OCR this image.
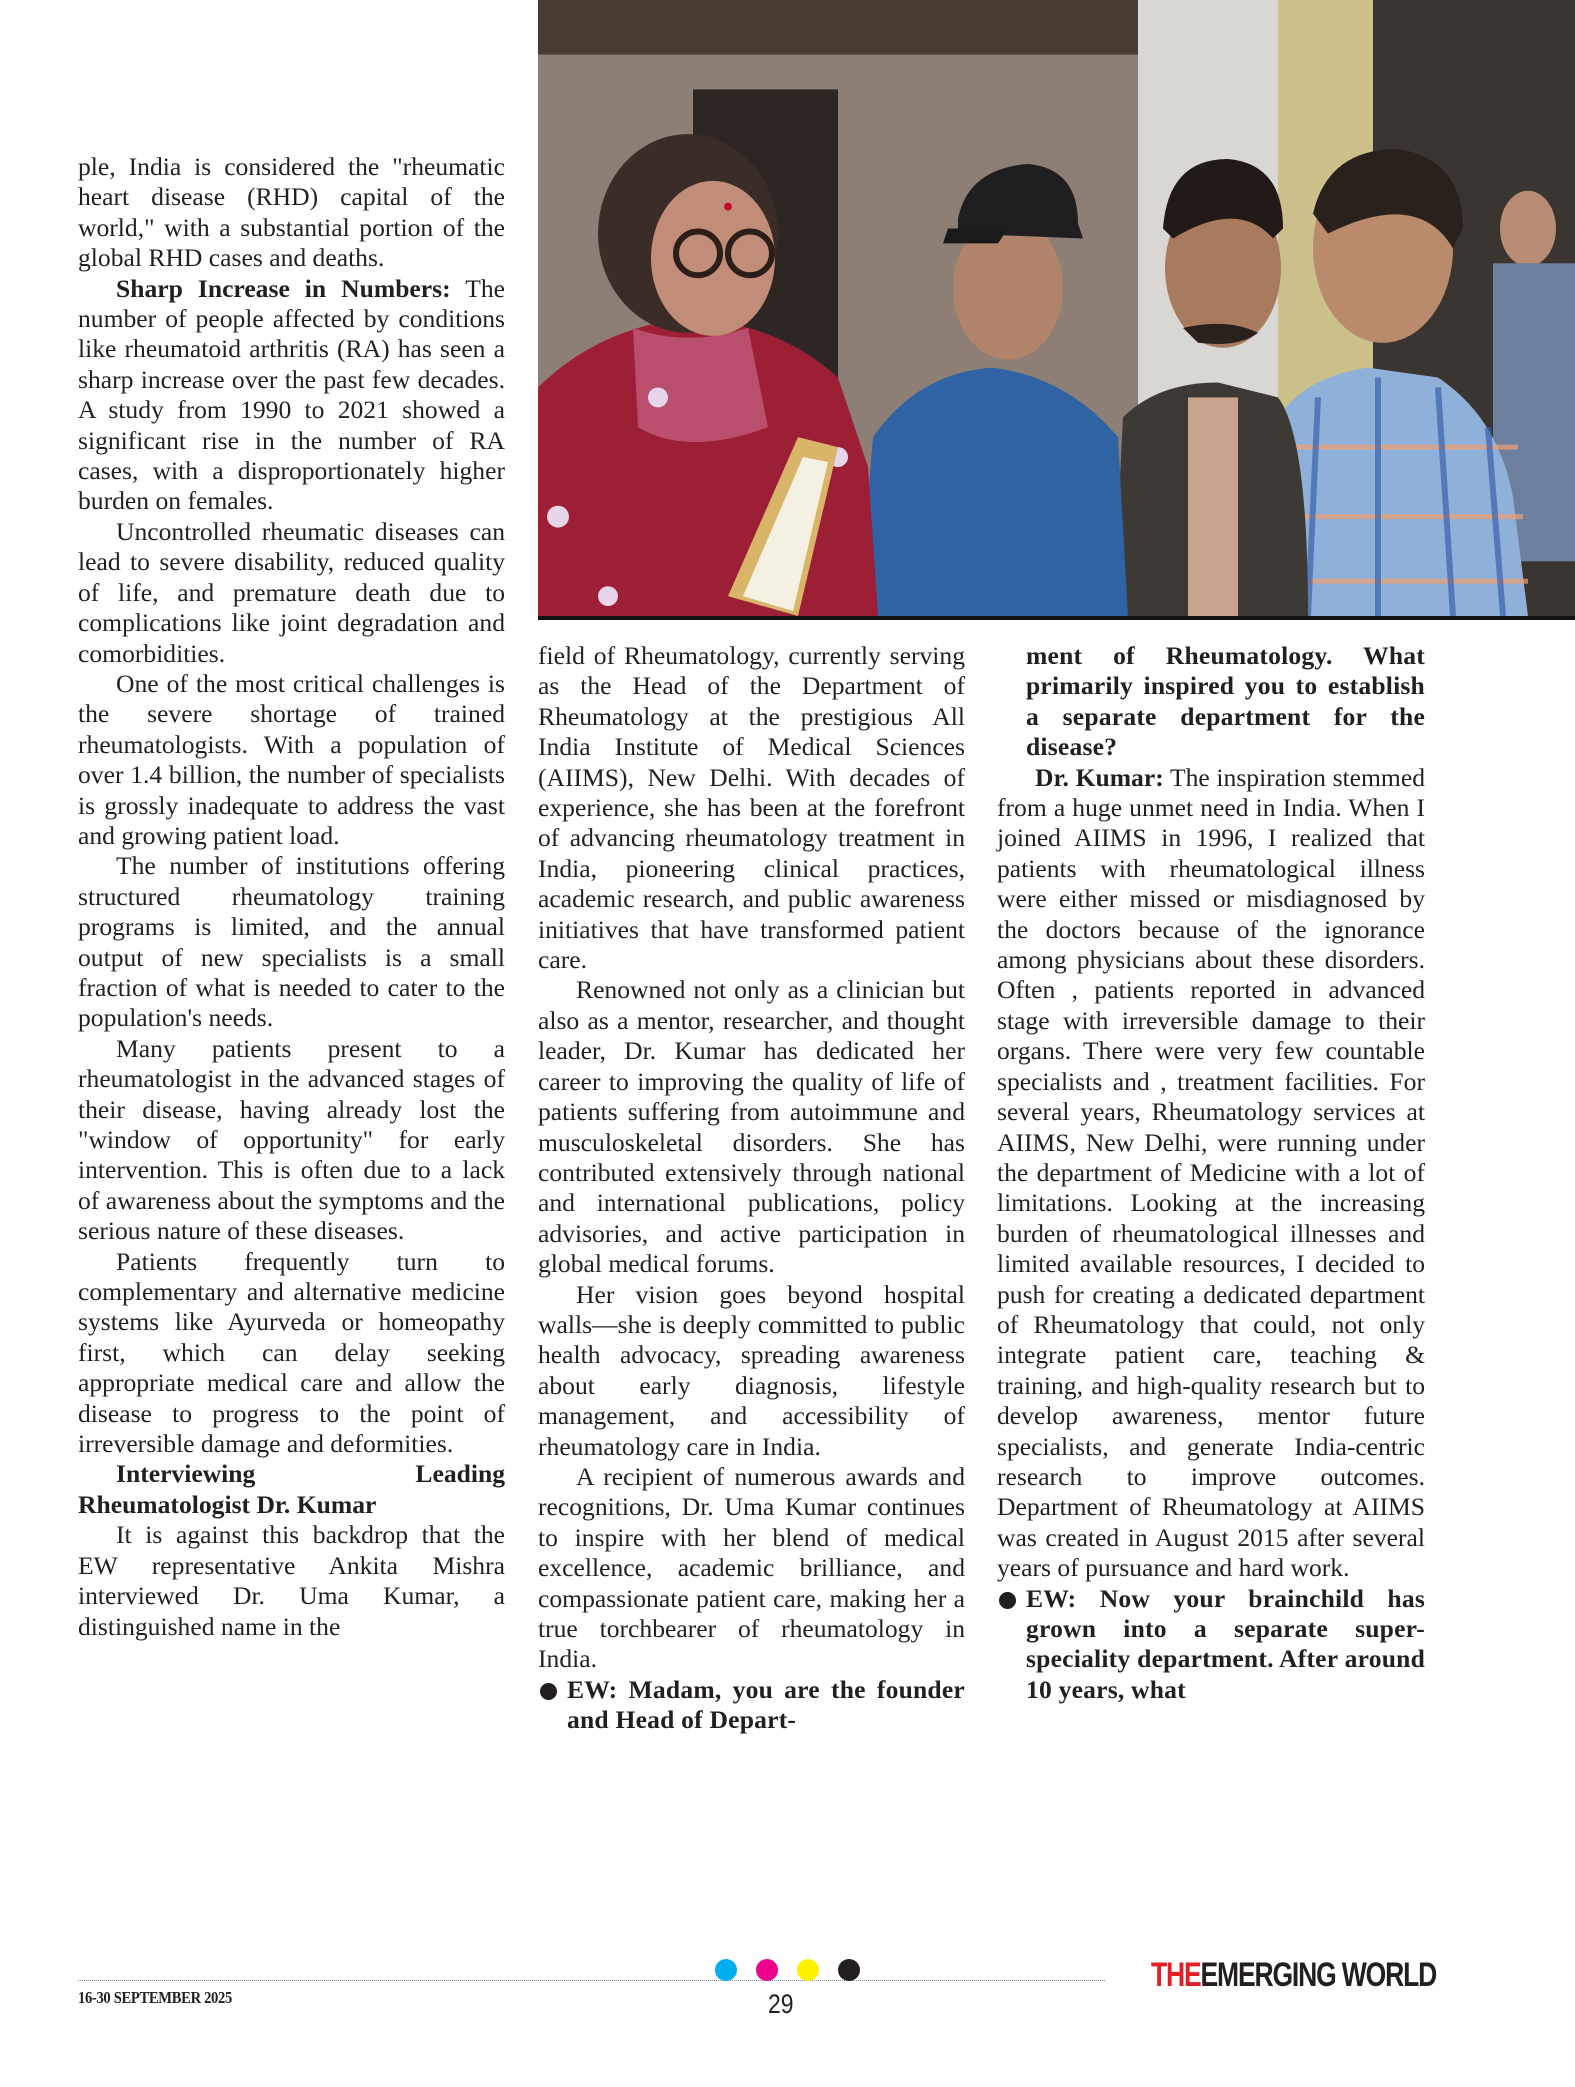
ple, India is considered the "rheumatic heart disease (RHD) capital of the world," with a substantial portion of the global RHD cases and deaths.

Sharp Increase in Numbers: The number of people affected by conditions like rheumatoid arthritis (RA) has seen a sharp increase over the past few decades. A study from 1990 to 2021 showed a significant rise in the number of RA cases, with a disproportionately higher burden on females.

Uncontrolled rheumatic diseases can lead to severe disability, reduced quality of life, and premature death due to complications like joint degradation and comorbidities.

One of the most critical challenges is the severe shortage of trained rheumatologists. With a population of over 1.4 billion, the number of specialists is grossly inadequate to address the vast and growing patient load.

The number of institutions offering structured rheumatology training programs is limited, and the annual output of new specialists is a small fraction of what is needed to cater to the population's needs.

Many patients present to a rheumatologist in the advanced stages of their disease, having already lost the "window of opportunity" for early intervention. This is often due to a lack of awareness about the symptoms and the serious nature of these diseases.

Patients frequently turn to complementary and alternative medicine systems like Ayurveda or homeopathy first, which can delay seeking appropriate medical care and allow the disease to progress to the point of irreversible damage and deformities.

Interviewing Leading Rheumatologist Dr. Kumar

It is against this backdrop that the EW representative Ankita Mishra interviewed Dr. Uma Kumar, a distinguished name in the

field of Rheumatology, currently serving as the Head of the Department of Rheumatology at the prestigious All India Institute of Medical Sciences (AIIMS), New Delhi. With decades of experience, she has been at the forefront of advancing rheumatology treatment in India, pioneering clinical practices, academic research, and public awareness initiatives that have transformed patient care.

Renowned not only as a clinician but also as a mentor, researcher, and thought leader, Dr. Kumar has dedicated her career to improving the quality of life of patients suffering from autoimmune and musculoskeletal disorders. She has contributed extensively through national and international publications, policy advisories, and active participation in global medical forums.

Her vision goes beyond hospital walls—she is deeply committed to public health advocacy, spreading awareness about early diagnosis, lifestyle management, and accessibility of rheumatology care in India.

A recipient of numerous awards and recognitions, Dr. Uma Kumar continues to inspire with her blend of medical excellence, academic brilliance, and compassionate patient care, making her a true torchbearer of rheumatology in India.

EW: Madam, you are the founder and Head of Depart-

ment of Rheumatology. What primarily inspired you to establish a separate department for the disease?

Dr. Kumar: The inspiration stemmed from a huge unmet need in India. When I joined AIIMS in 1996, I realized that patients with rheumatological illness were either missed or misdiagnosed by the doctors because of the ignorance among physicians about these disorders. Often , patients reported in advanced stage with irreversible damage to their organs. There were very few countable specialists and , treatment facilities. For several years, Rheumatology services at AIIMS, New Delhi, were running under the department of Medicine with a lot of limitations. Looking at the increasing burden of rheumatological illnesses and limited available resources, I decided to push for creating a dedicated department of Rheumatology that could, not only integrate patient care, teaching & training, and high-quality research but to develop awareness, mentor future specialists, and generate India-centric research to improve outcomes. Department of Rheumatology at AIIMS was created in August 2015 after several years of pursuance and hard work.

EW: Now your brainchild has grown into a separate super-speciality department. After around 10 years, what

16-30 SEPTEMBER 2025	29
THEEMERGING WORLD
